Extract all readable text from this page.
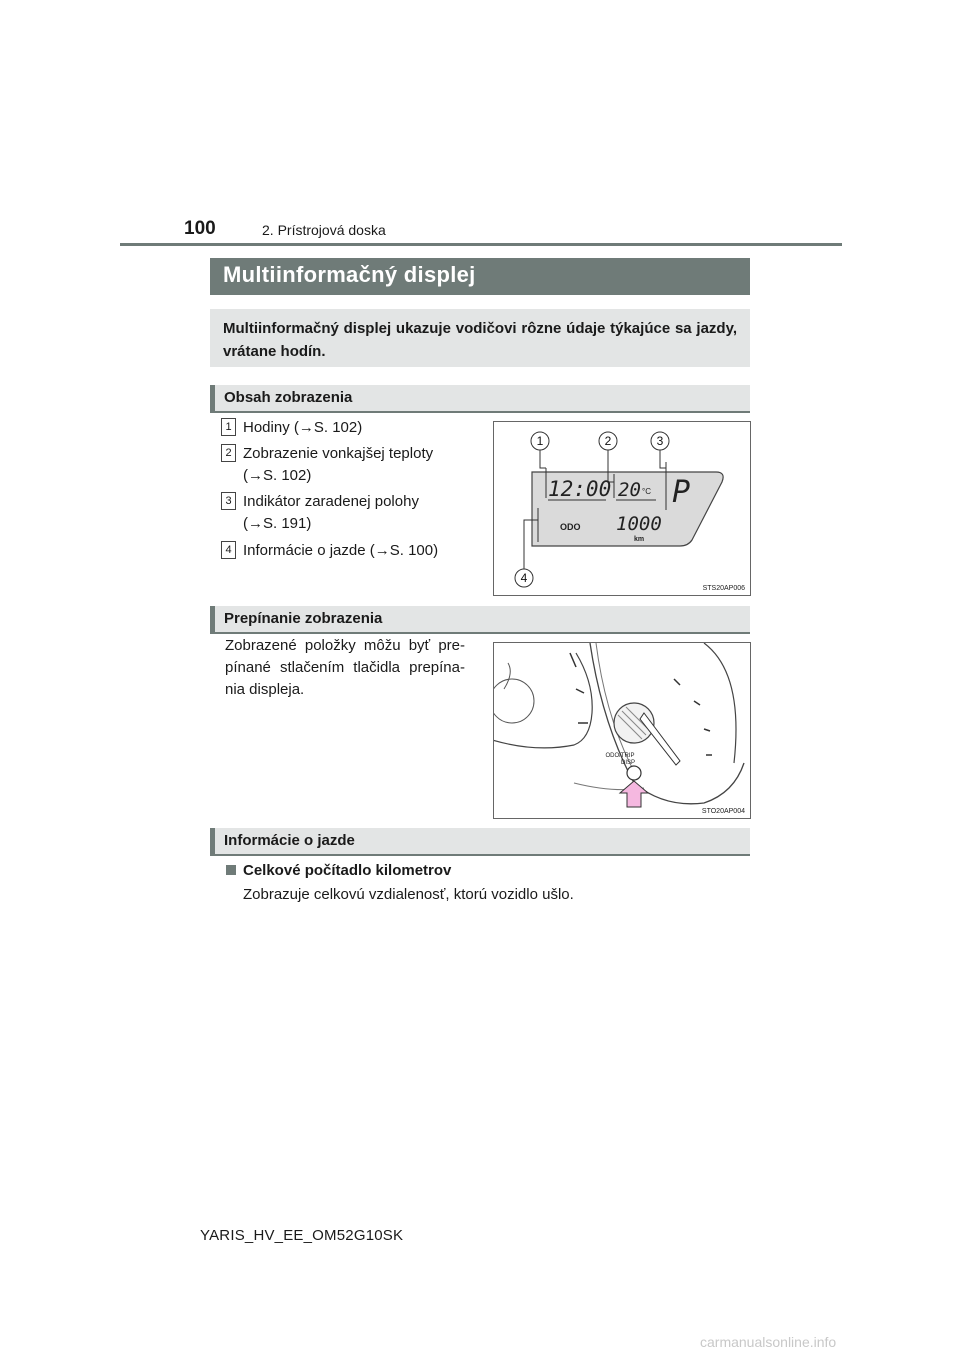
100	2. Prístrojová doska
Multiinformačný displej

Multiinformačný displej ukazuje vodičovi rôzne údaje týkajúce sa jazdy, vrátane hodín.

Obsah zobrazenia
1 Hodiny (→S. 102)
2 Zobrazenie vonkajšej teploty
(→S. 102)
3 Indikátor zaradenej polohy
(→S. 191)
4 Informácie o jazde (→S. 100)
1	2	3
4
12:00 20 °C P
ODO 1000
km
STS20AP006
Prepínanie zobrazenia
Zobrazené položky môžu byť pre-pínané stlačením tlačidla prepína-nia displeja.
ODO/TRIP
DISP
STO20AP004
Informácie o jazde
Celkové počítadlo kilometrov
Zobrazuje celkovú vzdialenosť, ktorú vozidlo ušlo.
YARIS_HV_EE_OM52G10SK
carmanualsonline.info
